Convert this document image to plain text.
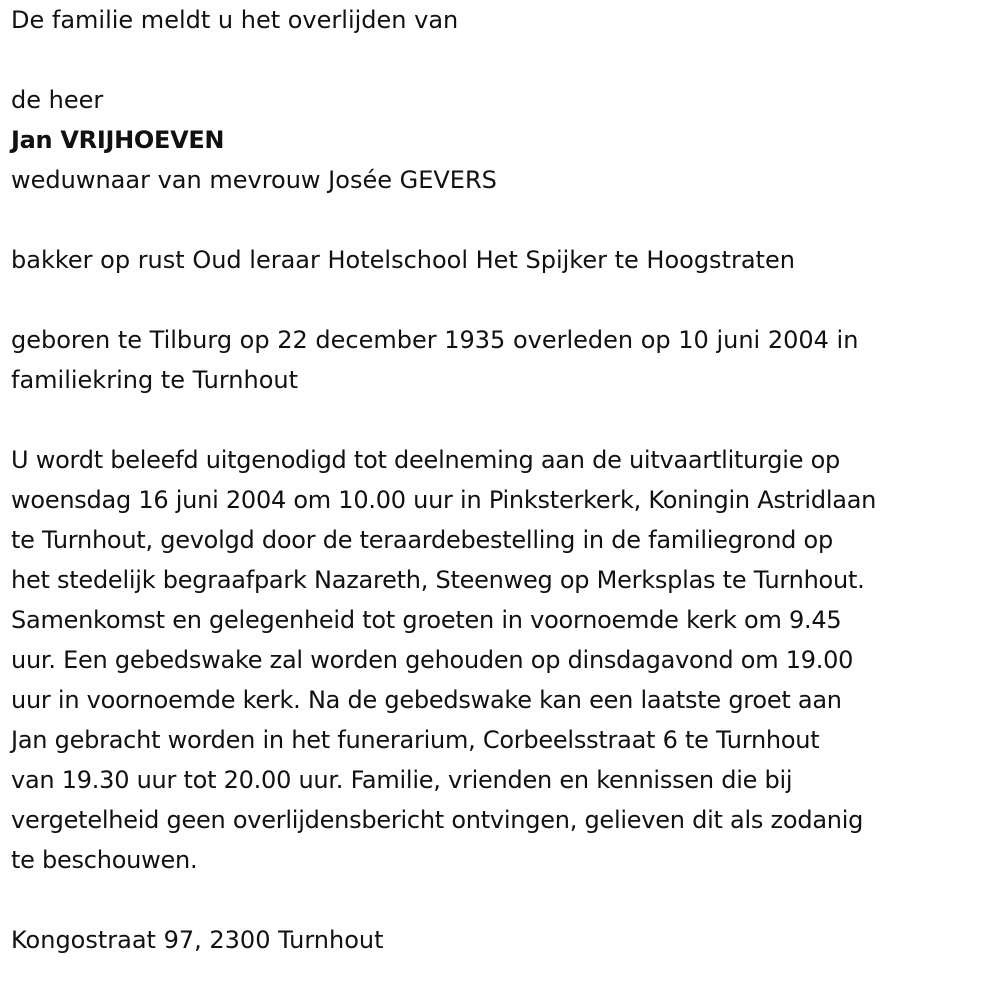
De familie meldt u het overlijden van

de heer

Jan VRIJHOEVEN

weduwnaar van mevrouw Josée GEVERS

bakker op rust Oud leraar Hotelschool Het Spijker te Hoogstraten

geboren te Tilburg op 22 december 1935 overleden op 10 juni 2004 in
familiekring te Turnhout
U wordt beleefd uitgenodigd tot deelneming aan de uitvaartliturgie op
woensdag 16 juni 2004 om 10.00 uur in Pinksterkerk, Koningin Astridlaan
te Turnhout, gevolgd door de teraardebestelling in de familiegrond op
het stedelijk begraafpark Nazareth, Steenweg op Merksplas te Turnhout.
Samenkomst en gelegenheid tot groeten in voornoemde kerk om 9.45
uur. Een gebedswake zal worden gehouden op dinsdagavond om 19.00
uur in voornoemde kerk. Na de gebedswake kan een laatste groet aan
Jan gebracht worden in het funerarium, Corbeelsstraat 6 te Turnhout
van 19.30 uur tot 20.00 uur. Familie, vrienden en kennissen die bij
vergetelheid geen overlijdensbericht ontvingen, gelieven dit als zodanig
te beschouwen.

Kongostraat 97, 2300 Turnhout
